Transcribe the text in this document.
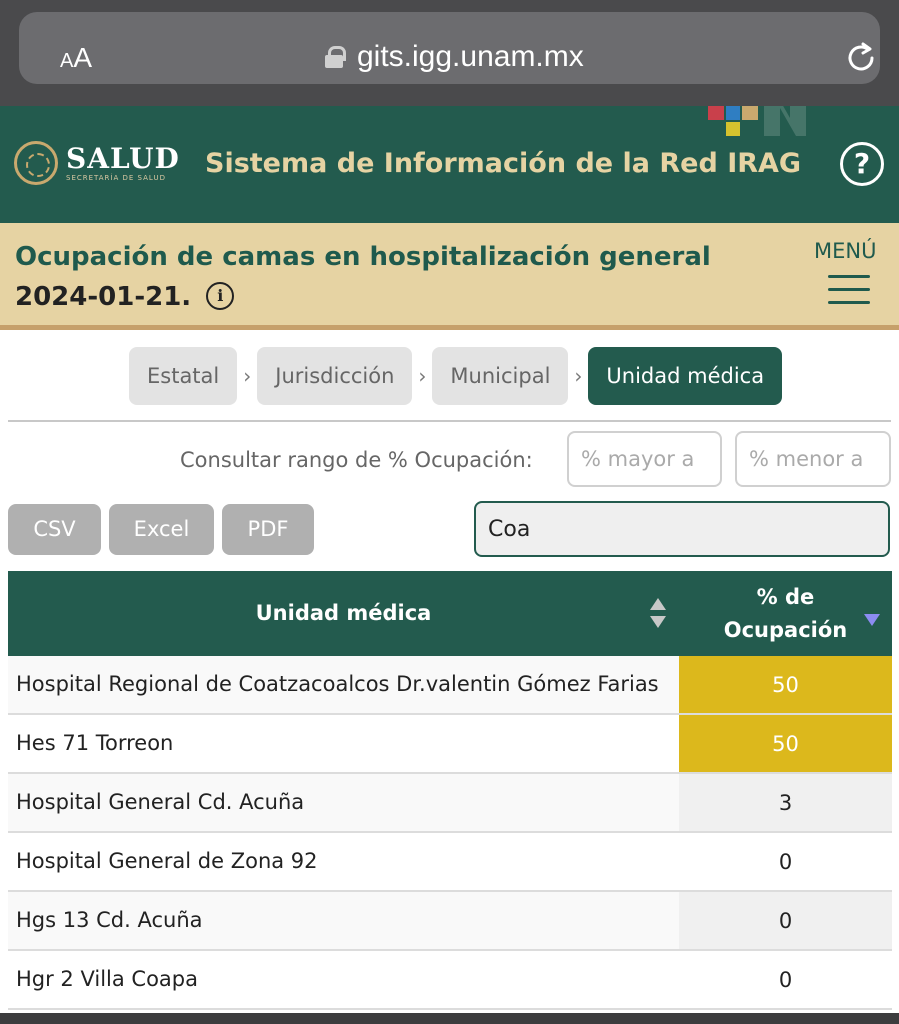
AA	gits.igg.unam.mx
SALUD
SECRETARÍA DE SALUD	Sistema de Información de la Red IRAG	?
Ocupación de camas en hospitalización general
2024-01-21. i
MENÚ
Estatal	›	Jurisdicción	›	Municipal	›	Unidad médica
Consultar rango de % Ocupación:
% mayor a
% menor a
CSV	Excel	PDF
Coa
Unidad médica
% de
Ocupación
Hospital Regional de Coatzacoalcos Dr.valentin Gómez Farias	50
Hes 71 Torreon	50
Hospital General Cd. Acuña	3
Hospital General de Zona 92	0
Hgs 13 Cd. Acuña	0
Hgr 2 Villa Coapa	0
